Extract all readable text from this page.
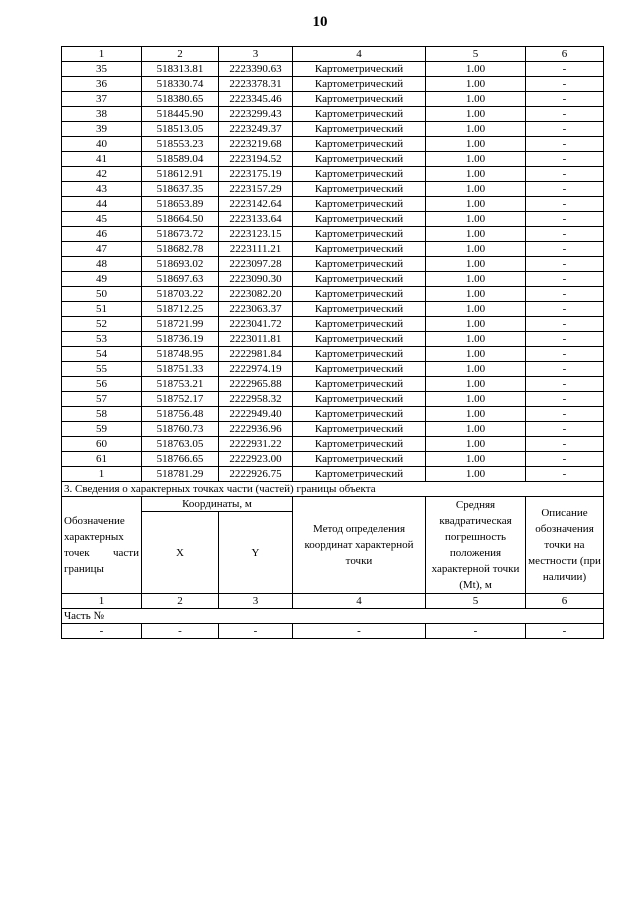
10
1	2	3	4	5	6
35	518313.81	2223390.63	Картометрический	1.00	-
36	518330.74	2223378.31	Картометрический	1.00	-
37	518380.65	2223345.46	Картометрический	1.00	-
38	518445.90	2223299.43	Картометрический	1.00	-
39	518513.05	2223249.37	Картометрический	1.00	-
40	518553.23	2223219.68	Картометрический	1.00	-
41	518589.04	2223194.52	Картометрический	1.00	-
42	518612.91	2223175.19	Картометрический	1.00	-
43	518637.35	2223157.29	Картометрический	1.00	-
44	518653.89	2223142.64	Картометрический	1.00	-
45	518664.50	2223133.64	Картометрический	1.00	-
46	518673.72	2223123.15	Картометрический	1.00	-
47	518682.78	2223111.21	Картометрический	1.00	-
48	518693.02	2223097.28	Картометрический	1.00	-
49	518697.63	2223090.30	Картометрический	1.00	-
50	518703.22	2223082.20	Картометрический	1.00	-
51	518712.25	2223063.37	Картометрический	1.00	-
52	518721.99	2223041.72	Картометрический	1.00	-
53	518736.19	2223011.81	Картометрический	1.00	-
54	518748.95	2222981.84	Картометрический	1.00	-
55	518751.33	2222974.19	Картометрический	1.00	-
56	518753.21	2222965.88	Картометрический	1.00	-
57	518752.17	2222958.32	Картометрический	1.00	-
58	518756.48	2222949.40	Картометрический	1.00	-
59	518760.73	2222936.96	Картометрический	1.00	-
60	518763.05	2222931.22	Картометрический	1.00	-
61	518766.65	2222923.00	Картометрический	1.00	-
1	518781.29	2222926.75	Картометрический	1.00	-
3. Сведения о характерных точках части (частей) границы объекта					
Обозначение характерных точек части границы	Координаты, м		Метод определения координат характерной точки	Средняя квадратическая погрешность положения характерной точки (Mt), м	Описание обозначения точки на местности (при наличии)
	X	Y			
1	2	3	4	5	6
Часть №					
-	-	-	-	-	-
